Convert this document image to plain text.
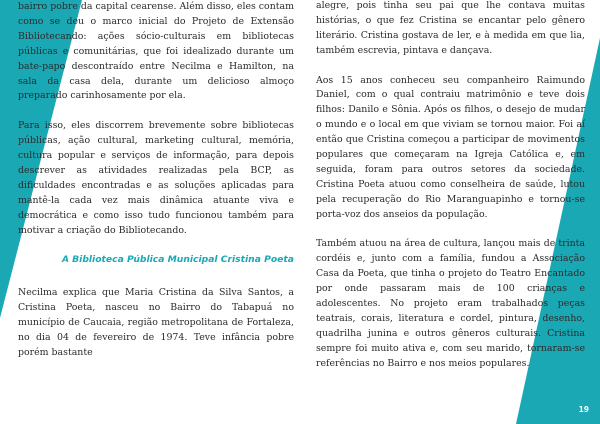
bairro pobre da capital cearense. Além disso, eles contam como se deu o marco inicial do Projeto de Extensão Bibliotecando: ações sócio-culturais em bibliotecas públicas e comunitárias, que foi idealizado durante um bate-papo descontraído entre Necilma e Hamilton, na sala da casa dela, durante um delicioso almoço preparado carinhosamente por ela.

Para isso, eles discorrem brevemente sobre bibliotecas públicas, ação cultural, marketing cultural, memória, cultura popular e serviços de informação, para depois descrever as atividades realizadas pela BCP, as dificuldades encontradas e as soluções aplicadas para mantê-la cada vez mais dinâmica atuante viva e democrática e como isso tudo funcionou também para motivar a criação do Bibliotecando.

A Biblioteca Pública Municipal Cristina Poeta

Necilma explica que Maria Cristina da Silva Santos, a Cristina Poeta, nasceu no Bairro do Tabapuá no município de Caucaia, região metropolitana de Fortaleza, no dia 04 de fevereiro de 1974. Teve infância pobre porém bastante

alegre, pois tinha seu pai que lhe contava muitas histórias, o que fez Cristina se encantar pelo gênero literário. Cristina gostava de ler, e à medida em que lia, também escrevia, pintava e dançava.

Aos 15 anos conheceu seu companheiro Raimundo Daniel, com o qual contraiu matrimônio e teve dois filhos: Danilo e Sônia. Após os filhos, o desejo de mudar o mundo e o local em que viviam se tornou maior. Foi aí então que Cristina começou a participar de movimentos populares que começaram na Igreja Católica e, em seguida, foram para outros setores da sociedade. Cristina Poeta atuou como conselheira de saúde, lutou pela recuperação do Rio Maranguapinho e tornou-se porta-voz dos anseios da população.

Também atuou na área de cultura, lançou mais de trinta cordéis e, junto com a família, fundou a Associação Casa da Poeta, que tinha o projeto do Teatro Encantado por onde passaram mais de 100 crianças e adolescentes. No projeto eram trabalhados peças teatrais, corais, literatura e cordel, pintura, desenho, quadrilha junina e outros gêneros culturais. Cristina sempre foi muito ativa e, com seu marido, tornaram-se referências no Bairro e nos meios populares.

19
